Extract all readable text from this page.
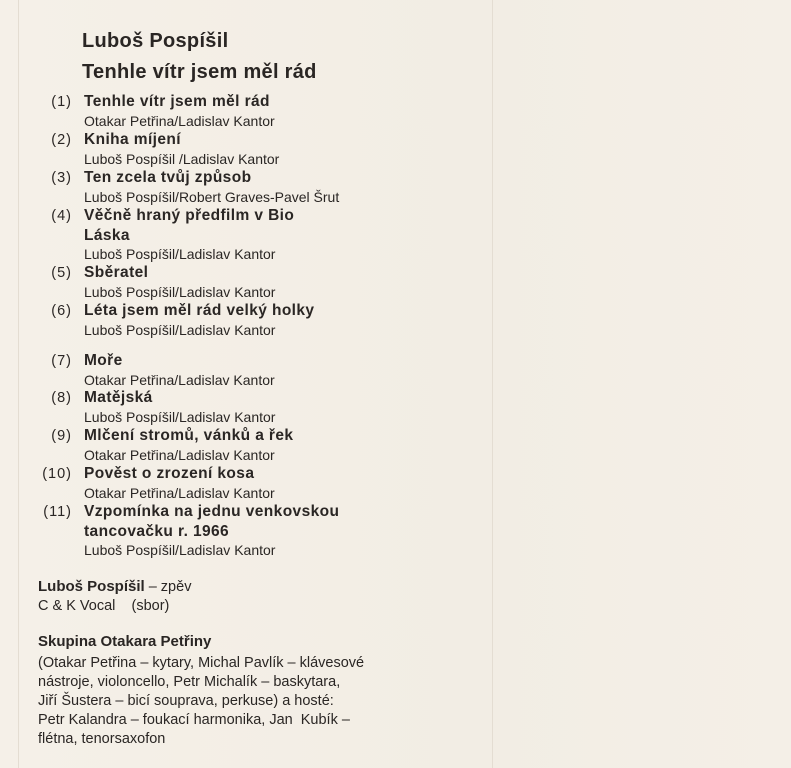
Luboš Pospíšil
Tenhle vítr jsem měl rád
(1) Tenhle vítr jsem měl rád
Otakar Petřina/Ladislav Kantor
(2) Kniha míjení
Luboš Pospíšil /Ladislav Kantor
(3) Ten zcela tvůj způsob
Luboš Pospíšil/Robert Graves-Pavel Šrut
(4) Věčně hraný předfilm v Bio
Láska
Luboš Pospíšil/Ladislav Kantor
(5) Sběratel
Luboš Pospíšil/Ladislav Kantor
(6) Léta jsem měl rád velký holky
Luboš Pospíšil/Ladislav Kantor
(7) Moře
Otakar Petřina/Ladislav Kantor
(8) Matějská
Luboš Pospíšil/Ladislav Kantor
(9) Mlčení stromů, vánků a řek
Otakar Petřina/Ladislav Kantor
(10) Pověst o zrození kosa
Otakar Petřina/Ladislav Kantor
(11) Vzpomínka na jednu venkovskou
tancovačku r. 1966
Luboš Pospíšil/Ladislav Kantor
Luboš Pospíšil – zpěv
C & K Vocal    (sbor)
Skupina Otakara Petřiny
(Otakar Petřina – kytary, Michal Pavlík – klávesové
nástroje, violoncello, Petr Michalík – baskytara,
Jiří Šustera – bicí souprava, perkuse) a hosté:
Petr Kalandra – foukací harmonika, Jan  Kubík –
flétna, tenorsaxofon
